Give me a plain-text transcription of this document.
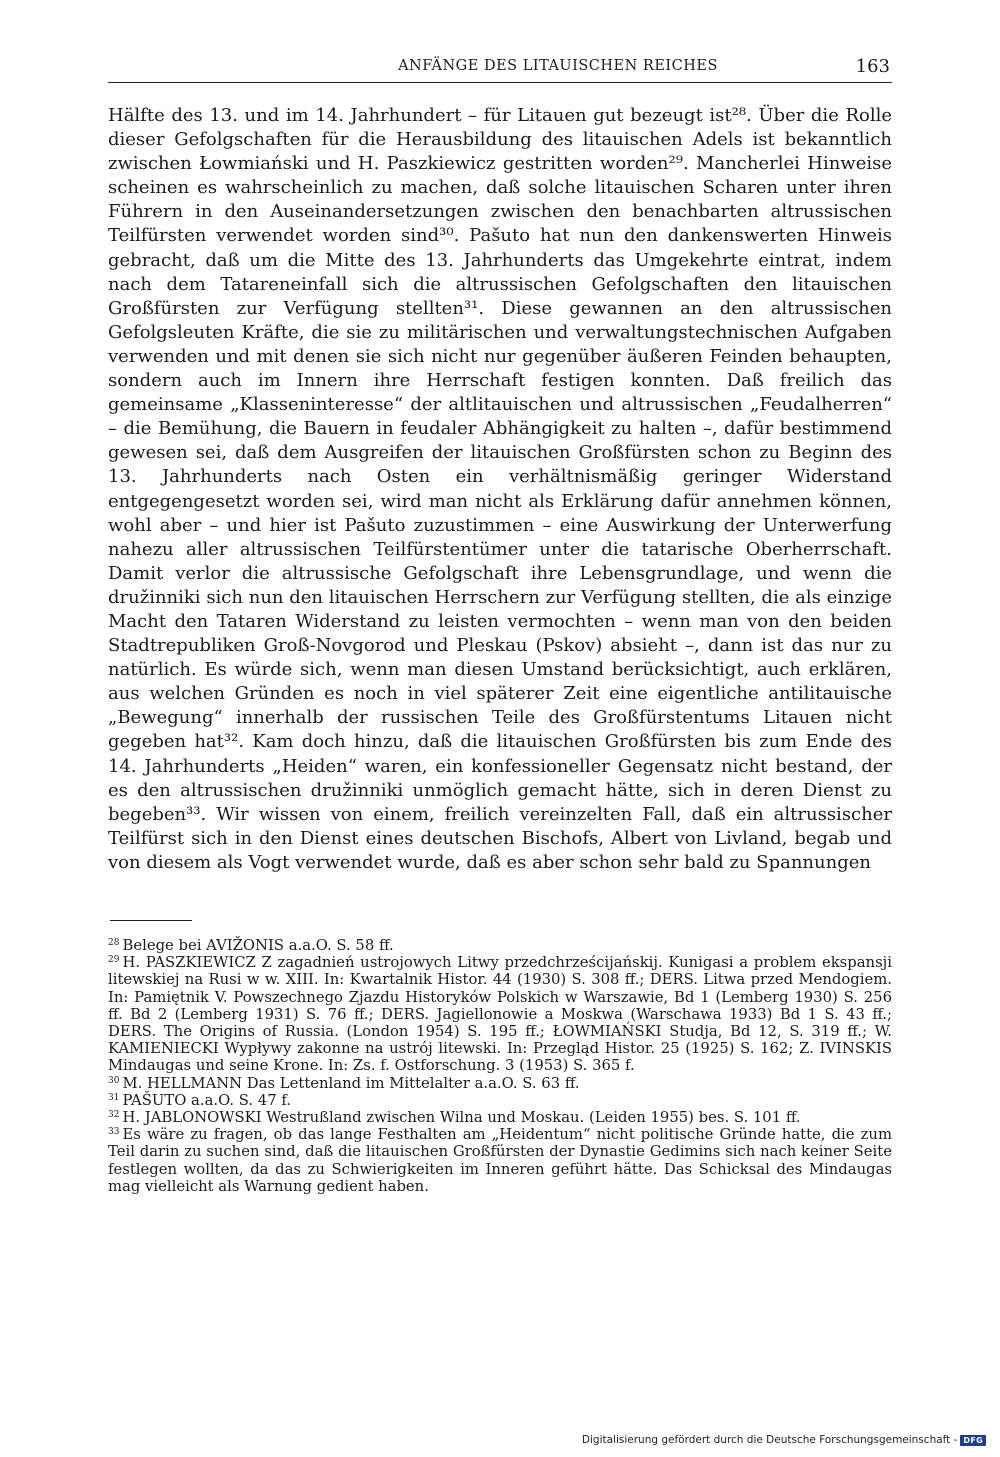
ANFÄNGE DES LITAUISCHEN REICHES	163

Hälfte des 13. und im 14. Jahrhundert – für Litauen gut bezeugt ist²⁸. Über die Rolle dieser Gefolgschaften für die Herausbildung des litauischen Adels ist bekanntlich zwischen Łowmiański und H. Paszkiewicz gestritten worden²⁹. Mancherlei Hinweise scheinen es wahrscheinlich zu machen, daß solche litauischen Scharen unter ihren Führern in den Auseinandersetzungen zwischen den benachbarten altrussischen Teilfürsten verwendet worden sind³⁰. Pašuto hat nun den dankenswerten Hinweis gebracht, daß um die Mitte des 13. Jahrhunderts das Umgekehrte eintrat, indem nach dem Tatareneinfall sich die altrussischen Gefolgschaften den litauischen Großfürsten zur Verfügung stellten³¹. Diese gewannen an den altrussischen Gefolgsleuten Kräfte, die sie zu militärischen und verwaltungstechnischen Aufgaben verwenden und mit denen sie sich nicht nur gegenüber äußeren Feinden behaupten, sondern auch im Innern ihre Herrschaft festigen konnten. Daß freilich das gemeinsame „Klasseninteresse“ der altlitauischen und altrussischen „Feudalherren“ – die Bemühung, die Bauern in feudaler Abhängigkeit zu halten –, dafür bestimmend gewesen sei, daß dem Ausgreifen der litauischen Großfürsten schon zu Beginn des 13. Jahrhunderts nach Osten ein verhältnismäßig geringer Widerstand entgegengesetzt worden sei, wird man nicht als Erklärung dafür annehmen können, wohl aber – und hier ist Pašuto zuzustimmen – eine Auswirkung der Unterwerfung nahezu aller altrussischen Teilfürstentümer unter die tatarische Oberherrschaft. Damit verlor die altrussische Gefolgschaft ihre Lebensgrundlage, und wenn die družinniki sich nun den litauischen Herrschern zur Verfügung stellten, die als einzige Macht den Tataren Widerstand zu leisten vermochten – wenn man von den beiden Stadtrepubliken Groß-Novgorod und Pleskau (Pskov) absieht –, dann ist das nur zu natürlich. Es würde sich, wenn man diesen Umstand berücksichtigt, auch erklären, aus welchen Gründen es noch in viel späterer Zeit eine eigentliche antilitauische „Bewegung“ innerhalb der russischen Teile des Großfürstentums Litauen nicht gegeben hat³². Kam doch hinzu, daß die litauischen Großfürsten bis zum Ende des 14. Jahrhunderts „Heiden“ waren, ein konfessioneller Gegensatz nicht bestand, der es den altrussischen družinniki unmöglich gemacht hätte, sich in deren Dienst zu begeben³³. Wir wissen von einem, freilich vereinzelten Fall, daß ein altrussischer Teilfürst sich in den Dienst eines deutschen Bischofs, Albert von Livland, begab und von diesem als Vogt verwendet wurde, daß es aber schon sehr bald zu Spannungen

$^{28}$ Belege bei AVIŽONIS a.a.O. S. 58 ff.

$^{29}$ H. PASZKIEWICZ Z zagadnień ustrojowych Litwy przedchrześcijańskij. Kunigasi a problem ekspansji litewskiej na Rusi w w. XIII. In: Kwartalnik Histor. 44 (1930) S. 308 ff.; DERS. Litwa przed Mendogiem. In: Pamiętnik V. Powszechnego Zjazdu Historyków Polskich w Warszawie, Bd 1 (Lemberg 1930) S. 256 ff. Bd 2 (Lemberg 1931) S. 76 ff.; DERS. Jagiellonowie a Moskwa (Warschawa 1933) Bd 1 S. 43 ff.; DERS. The Origins of Russia. (London 1954) S. 195 ff.; ŁOWMIAŃSKI Studja, Bd 12, S. 319 ff.; W. KAMIENIECKI Wypływy zakonne na ustrój litewski. In: Przegląd Histor. 25 (1925) S. 162; Z. IVINSKIS Mindaugas und seine Krone. In: Zs. f. Ostforschung. 3 (1953) S. 365 f.

$^{30}$ M. HELLMANN Das Lettenland im Mittelalter a.a.O. S. 63 ff.

$^{31}$ PAŠUTO a.a.O. S. 47 f.

$^{32}$ H. JABLONOWSKI Westrußland zwischen Wilna und Moskau. (Leiden 1955) bes. S. 101 ff.

$^{33}$ Es wäre zu fragen, ob das lange Festhalten am „Heidentum“ nicht politische Gründe hatte, die zum Teil darin zu suchen sind, daß die litauischen Großfürsten der Dynastie Gedimins sich nach keiner Seite festlegen wollten, da das zu Schwierigkeiten im Inneren geführt hätte. Das Schicksal des Mindaugas mag vielleicht als Warnung gedient haben.

Digitalisierung gefördert durch die Deutsche Forschungsgemeinschaft - DFG
